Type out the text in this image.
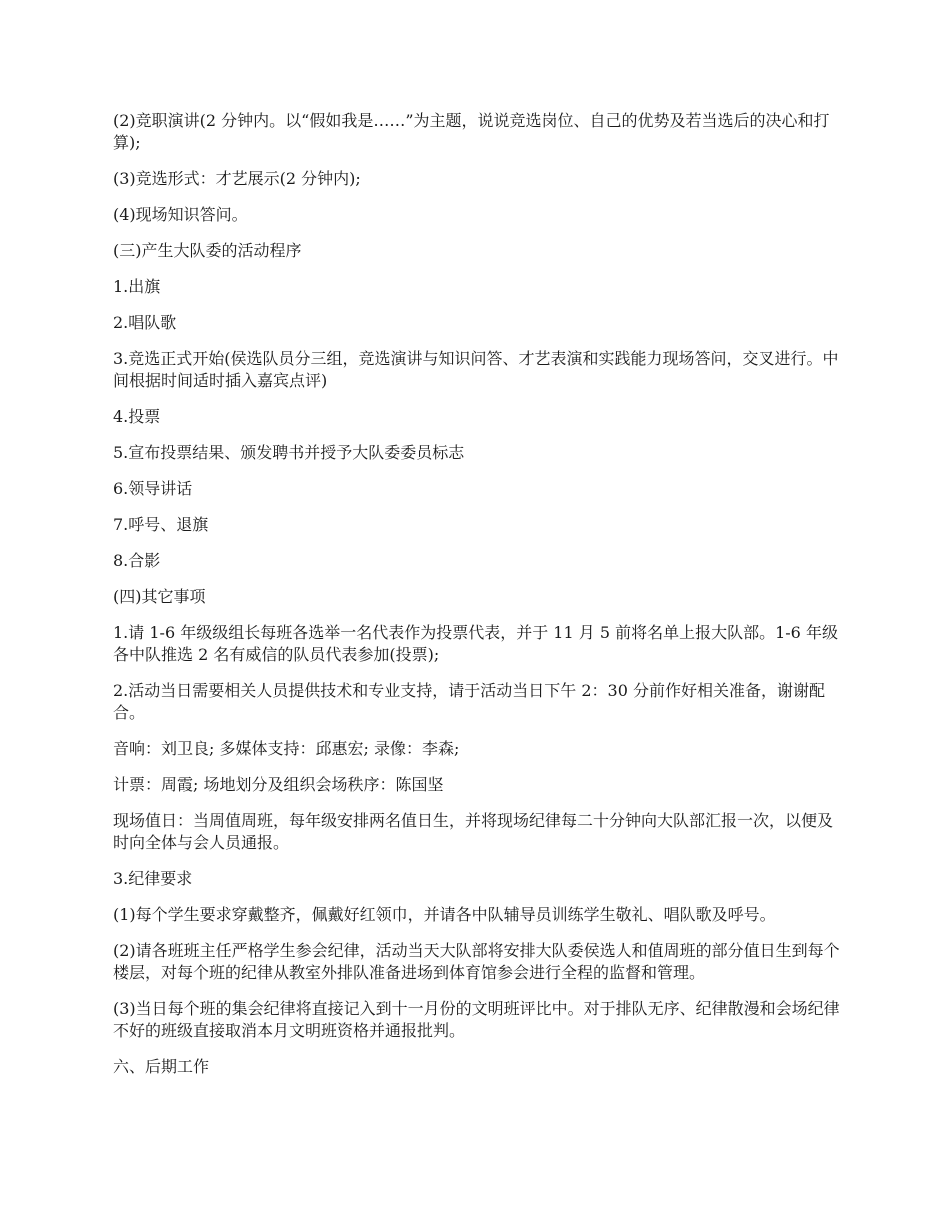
(2)竞职演讲(2 分钟内。以“假如我是……”为主题，说说竞选岗位、自己的优势及若当选后的决心和打算);

(3)竞选形式：才艺展示(2 分钟内);

(4)现场知识答问。

(三)产生大队委的活动程序

1.出旗

2.唱队歌

3.竞选正式开始(侯选队员分三组，竞选演讲与知识问答、才艺表演和实践能力现场答问，交叉进行。中间根据时间适时插入嘉宾点评)

4.投票

5.宣布投票结果、颁发聘书并授予大队委委员标志

6.领导讲话

7.呼号、退旗

8.合影

(四)其它事项

1.请 1-6 年级级组长每班各选举一名代表作为投票代表，并于 11 月 5 前将名单上报大队部。1-6 年级各中队推选 2 名有威信的队员代表参加(投票);

2.活动当日需要相关人员提供技术和专业支持，请于活动当日下午 2：30 分前作好相关准备，谢谢配合。

音响：刘卫良; 多媒体支持：邱惠宏; 录像：李森;

计票：周霞; 场地划分及组织会场秩序：陈国坚

现场值日：当周值周班，每年级安排两名值日生，并将现场纪律每二十分钟向大队部汇报一次，以便及时向全体与会人员通报。

3.纪律要求

(1)每个学生要求穿戴整齐，佩戴好红领巾，并请各中队辅导员训练学生敬礼、唱队歌及呼号。

(2)请各班班主任严格学生参会纪律，活动当天大队部将安排大队委侯选人和值周班的部分值日生到每个楼层，对每个班的纪律从教室外排队准备进场到体育馆参会进行全程的监督和管理。

(3)当日每个班的集会纪律将直接记入到十一月份的文明班评比中。对于排队无序、纪律散漫和会场纪律不好的班级直接取消本月文明班资格并通报批判。

六、后期工作
